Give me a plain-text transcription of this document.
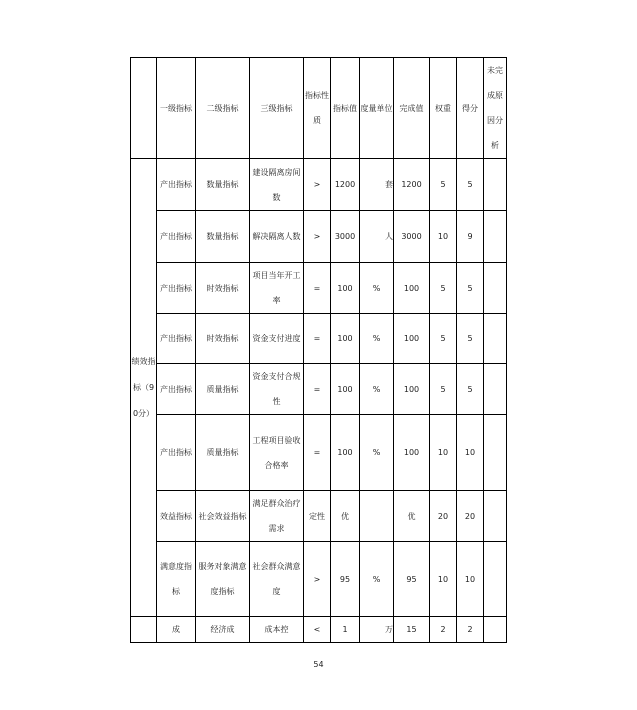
	一级指标	二级指标	三级指标	指标性质	指标值	度量单位	完成值	权重	得分	未完成原因分析
绩效指标（90分）	产出指标	数量指标	建设隔离房间数	>	1200	套	1200	5	5	
	产出指标	数量指标	解决隔离人数	>	3000	人	3000	10	9	
	产出指标	时效指标	项目当年开工率	=	100	%	100	5	5	
	产出指标	时效指标	资金支付进度	=	100	%	100	5	5	
	产出指标	质量指标	资金支付合规性	=	100	%	100	5	5	
	产出指标	质量指标	工程项目验收合格率	=	100	%	100	10	10	
	效益指标	社会效益指标	满足群众治疗需求	定性	优		优	20	20	
	满意度指标	服务对象满意度指标	社会群众满意度	>	95	%	95	10	10	
	成	经济成	成本控	<	1	万	15	2	2	
54
